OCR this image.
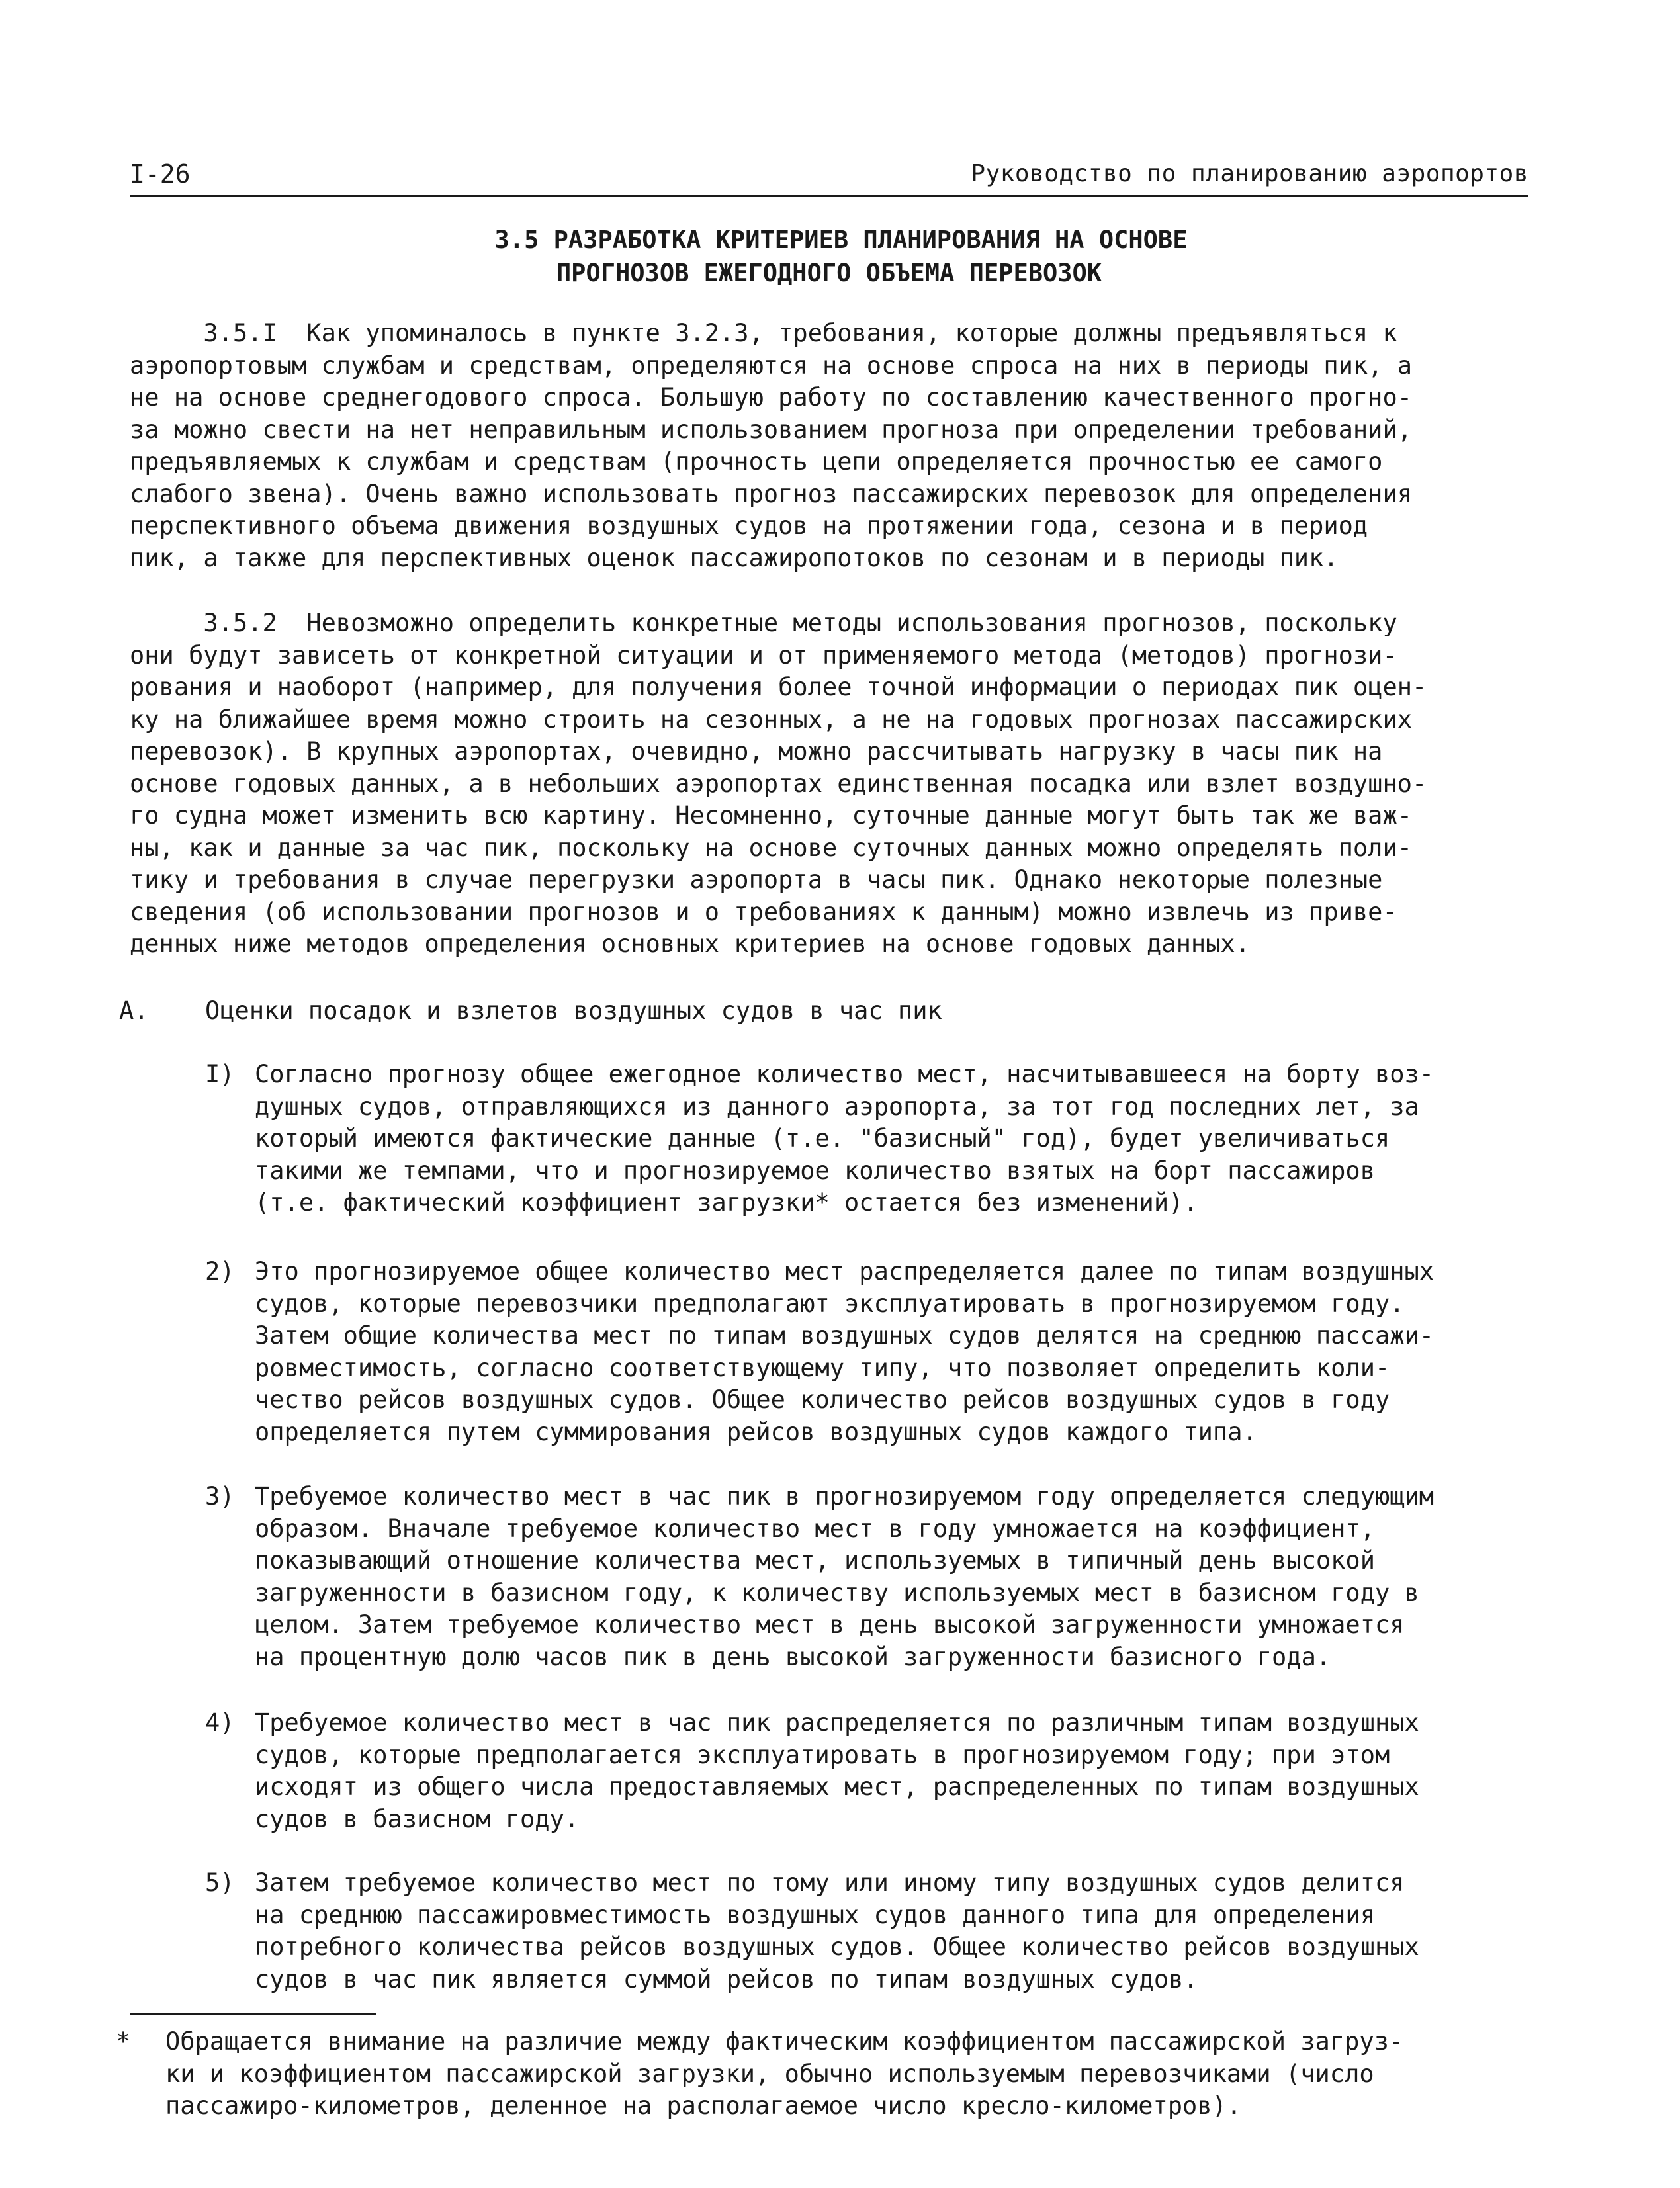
I-26	Руководство по планированию аэропортов
3.5 РАЗРАБОТКА КРИТЕРИЕВ ПЛАНИРОВАНИЯ НА ОСНОВЕ
ПРОГНОЗОВ ЕЖЕГОДНОГО ОБЪЕМА ПЕРЕВОЗОК

3.5.I  Как упоминалось в пункте 3.2.3, требования, которые должны предъявляться к
аэропортовым службам и средствам, определяются на основе спроса на них в периоды пик, а
не на основе среднегодового спроса. Большую работу по составлению качественного прогно-
за можно свести на нет неправильным использованием прогноза при определении требований,
предъявляемых к службам и средствам (прочность цепи определяется прочностью ее самого
слабого звена). Очень важно использовать прогноз пассажирских перевозок для определения
перспективного объема движения воздушных судов на протяжении года, сезона и в период
пик, а также для перспективных оценок пассажиропотоков по сезонам и в периоды пик.

3.5.2  Невозможно определить конкретные методы использования прогнозов, поскольку
они будут зависеть от конкретной ситуации и от применяемого метода (методов) прогнози-
рования и наоборот (например, для получения более точной информации о периодах пик оцен-
ку на ближайшее время можно строить на сезонных, а не на годовых прогнозах пассажирских
перевозок). В крупных аэропортах, очевидно, можно рассчитывать нагрузку в часы пик на
основе годовых данных, а в небольших аэропортах единственная посадка или взлет воздушно-
го судна может изменить всю картину. Несомненно, суточные данные могут быть так же важ-
ны, как и данные за час пик, поскольку на основе суточных данных можно определять поли-
тику и требования в случае перегрузки аэропорта в часы пик. Однако некоторые полезные
сведения (об использовании прогнозов и о требованиях к данным) можно извлечь из приве-
денных ниже методов определения основных критериев на основе годовых данных.

A. Оценки посадок и взлетов воздушных судов в час пик
I) Согласно прогнозу общее ежегодное количество мест, насчитывавшееся на борту воз-
душных судов, отправляющихся из данного аэропорта, за тот год последних лет, за
который имеются фактические данные (т.е. "базисный" год), будет увеличиваться
такими же темпами, что и прогнозируемое количество взятых на борт пассажиров
(т.е. фактический коэффициент загрузки* остается без изменений).

2) Это прогнозируемое общее количество мест распределяется далее по типам воздушных
судов, которые перевозчики предполагают эксплуатировать в прогнозируемом году.
Затем общие количества мест по типам воздушных судов делятся на среднюю пассажи-
ровместимость, согласно соответствующему типу, что позволяет определить коли-
чество рейсов воздушных судов. Общее количество рейсов воздушных судов в году
определяется путем суммирования рейсов воздушных судов каждого типа.

3) Требуемое количество мест в час пик в прогнозируемом году определяется следующим
образом. Вначале требуемое количество мест в году умножается на коэффициент,
показывающий отношение количества мест, используемых в типичный день высокой
загруженности в базисном году, к количеству используемых мест в базисном году в
целом. Затем требуемое количество мест в день высокой загруженности умножается
на процентную долю часов пик в день высокой загруженности базисного года.

4) Требуемое количество мест в час пик распределяется по различным типам воздушных
судов, которые предполагается эксплуатировать в прогнозируемом году; при этом
исходят из общего числа предоставляемых мест, распределенных по типам воздушных
судов в базисном году.

5) Затем требуемое количество мест по тому или иному типу воздушных судов делится
на среднюю пассажировместимость воздушных судов данного типа для определения
потребного количества рейсов воздушных судов. Общее количество рейсов воздушных
судов в час пик является суммой рейсов по типам воздушных судов.

* Обращается внимание на различие между фактическим коэффициентом пассажирской загруз-
ки и коэффициентом пассажирской загрузки, обычно используемым перевозчиками (число
пассажиро-километров, деленное на располагаемое число кресло-километров).
